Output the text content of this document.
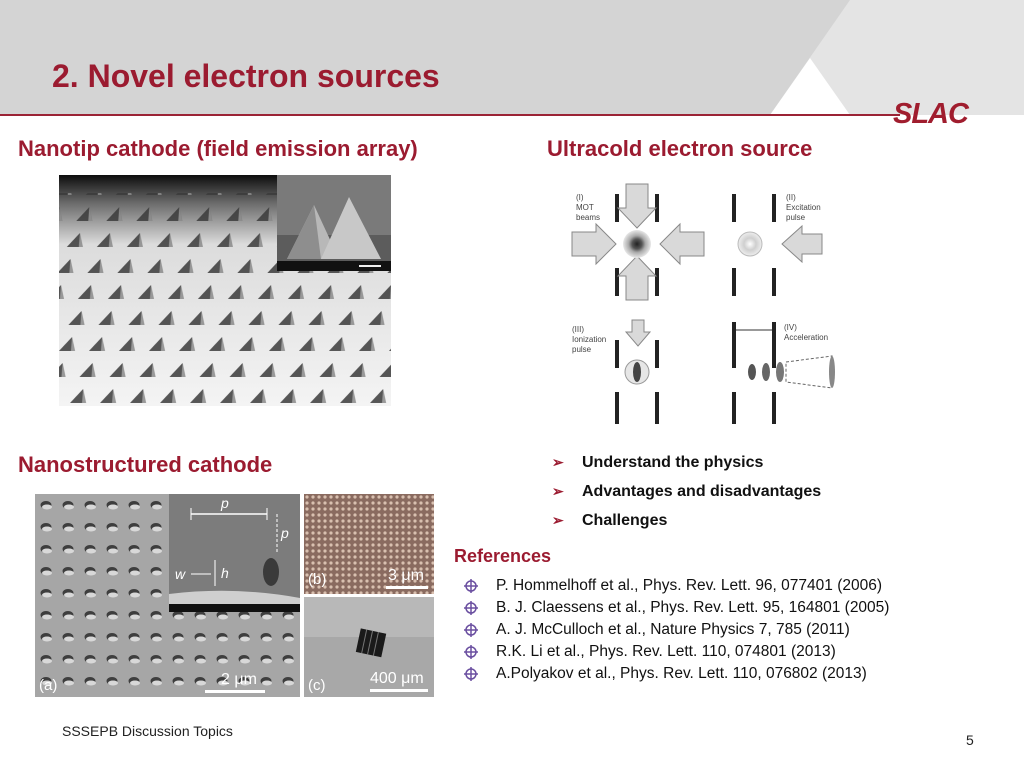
2. Novel electron sources
SLAC
Nanotip cathode (field emission array)	Ultracold electron source
Nanostructured cathode
(I)
MOT
beams
(II)
Excitation
pulse
(III)
Ionization
pulse
(IV)
Acceleration
p
p
w	h
(a)	2 μm
(b)	3 μm
(c)	400 μm
➢	Understand the physics
➢	Advantages and disadvantages
➢	Challenges
References
P. Hommelhoff et al., Phys. Rev. Lett. 96, 077401 (2006)
B. J. Claessens et al., Phys. Rev. Lett. 95, 164801 (2005)
A. J. McCulloch et al., Nature Physics 7, 785 (2011)
R.K. Li et al., Phys. Rev. Lett. 110, 074801 (2013)
A.Polyakov et al., Phys. Rev. Lett. 110, 076802 (2013)
SSSEPB Discussion Topics
5
